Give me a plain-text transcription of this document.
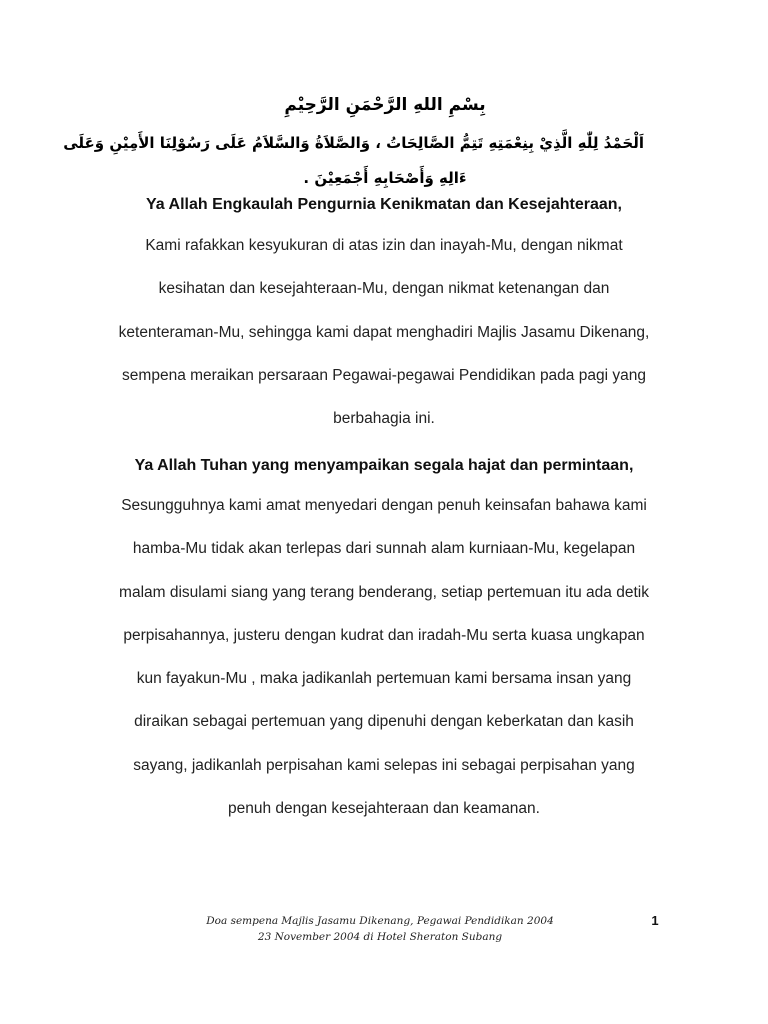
بِسْمِ اللهِ الرَّحْمَنِ الرَّحِيْمِ
اَلْحَمْدُ لِلّٰهِ الَّذِيْ بِنِعْمَتِهِ تَتِمُّ الصَّالِحَاتُ ، وَالصَّلاَةُ وَالسَّلاَمُ عَلَى رَسُوْلِنَا الأَمِيْنِ وَعَلَى
ءَالِهِ وَأَصْحَابِهِ أَجْمَعِيْنَ .
Ya Allah Engkaulah Pengurnia Kenikmatan dan Kesejahteraan,
Kami rafakkan kesyukuran di atas izin dan inayah-Mu, dengan nikmat
kesihatan dan kesejahteraan-Mu, dengan nikmat ketenangan dan
ketenteraman-Mu, sehingga kami dapat menghadiri Majlis Jasamu Dikenang,
sempena meraikan persaraan Pegawai-pegawai Pendidikan pada pagi yang
berbahagia ini.
Ya Allah Tuhan yang menyampaikan segala hajat dan permintaan,
Sesungguhnya kami amat menyedari dengan penuh keinsafan bahawa kami
hamba-Mu tidak akan terlepas dari sunnah alam kurniaan-Mu, kegelapan
malam disulami siang yang terang benderang, setiap pertemuan itu ada detik
perpisahannya, justeru dengan kudrat dan iradah-Mu serta kuasa ungkapan
kun fayakun-Mu , maka jadikanlah pertemuan kami bersama insan yang
diraikan sebagai pertemuan yang dipenuhi dengan keberkatan dan kasih
sayang, jadikanlah perpisahan kami selepas ini sebagai perpisahan yang
penuh dengan kesejahteraan dan keamanan.
Doa sempena Majlis Jasamu Dikenang, Pegawai Pendidikan 2004
23 November 2004 di Hotel Sheraton Subang
1
